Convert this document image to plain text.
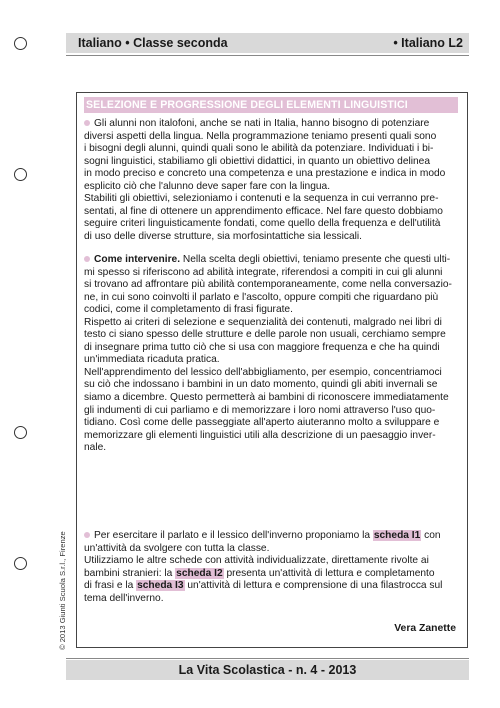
Italiano • Classe seconda	• Italiano L2
SELEZIONE E PROGRESSIONE DEGLI ELEMENTI LINGUISTICI
Gli alunni non italofoni, anche se nati in Italia, hanno bisogno di potenziare
diversi aspetti della lingua. Nella programmazione teniamo presenti quali sono
i bisogni degli alunni, quindi quali sono le abilità da potenziare. Individuati i bi-
sogni linguistici, stabiliamo gli obiettivi didattici, in quanto un obiettivo delinea
in modo preciso e concreto una competenza e una prestazione e indica in modo
esplicito ciò che l'alunno deve saper fare con la lingua.
Stabiliti gli obiettivi, selezioniamo i contenuti e la sequenza in cui verranno pre-
sentati, al fine di ottenere un apprendimento efficace. Nel fare questo dobbiamo
seguire criteri linguisticamente fondati, come quello della frequenza e dell'utilità
di uso delle diverse strutture, sia morfosintattiche sia lessicali.
Come intervenire. Nella scelta degli obiettivi, teniamo presente che questi ulti-
mi spesso si riferiscono ad abilità integrate, riferendosi a compiti in cui gli alunni
si trovano ad affrontare più abilità contemporaneamente, come nella conversazio-
ne, in cui sono coinvolti il parlato e l'ascolto, oppure compiti che riguardano più
codici, come il completamento di frasi figurate.
Rispetto ai criteri di selezione e sequenzialità dei contenuti, malgrado nei libri di
testo ci siano spesso delle strutture e delle parole non usuali, cerchiamo sempre
di insegnare prima tutto ciò che si usa con maggiore frequenza e che ha quindi
un'immediata ricaduta pratica.
Nell'apprendimento del lessico dell'abbigliamento, per esempio, concentriamoci
su ciò che indossano i bambini in un dato momento, quindi gli abiti invernali se
siamo a dicembre. Questo permetterà ai bambini di riconoscere immediatamente
gli indumenti di cui parliamo e di memorizzare i loro nomi attraverso l'uso quo-
tidiano. Così come delle passeggiate all'aperto aiuteranno molto a sviluppare e
memorizzare gli elementi linguistici utili alla descrizione di un paesaggio inver-
nale.
Per esercitare il parlato e il lessico dell'inverno proponiamo la scheda I1 con
un'attività da svolgere con tutta la classe.
Utilizziamo le altre schede con attività individualizzate, direttamente rivolte ai
bambini stranieri: la scheda I2 presenta un'attività di lettura e completamento
di frasi e la scheda I3 un'attività di lettura e comprensione di una filastrocca sul
tema dell'inverno.
Vera Zanette
© 2013 Giunti Scuola S.r.l., Firenze
La Vita Scolastica - n. 4 - 2013
